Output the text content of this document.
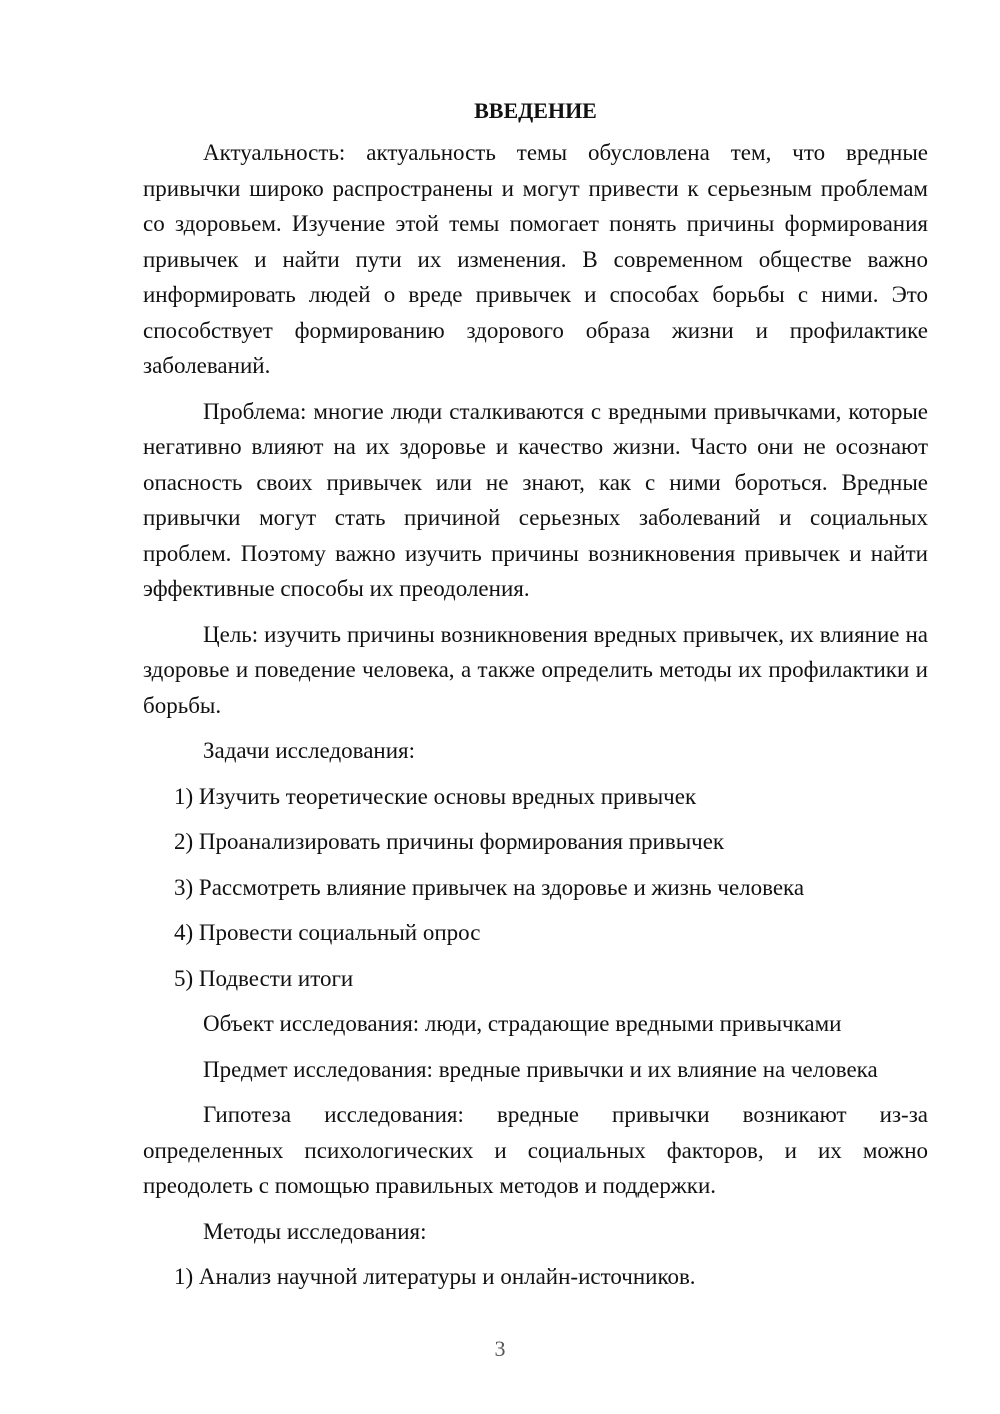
ВВЕДЕНИЕ

Актуальность: актуальность темы обусловлена тем, что вредные привычки широко распространены и могут привести к серьезным проблемам со здоровьем. Изучение этой темы помогает понять причины формирования привычек и найти пути их изменения. В современном обществе важно информировать людей о вреде привычек и способах борьбы с ними. Это способствует формированию здорового образа жизни и профилактике заболеваний.

Проблема: многие люди сталкиваются с вредными привычками, которые негативно влияют на их здоровье и качество жизни. Часто они не осознают опасность своих привычек или не знают, как с ними бороться. Вредные привычки могут стать причиной серьезных заболеваний и социальных проблем. Поэтому важно изучить причины возникновения привычек и найти эффективные способы их преодоления.

Цель: изучить причины возникновения вредных привычек, их влияние на здоровье и поведение человека, а также определить методы их профилактики и борьбы.

Задачи исследования:

1) Изучить теоретические основы вредных привычек

2) Проанализировать причины формирования привычек

3) Рассмотреть влияние привычек на здоровье и жизнь человека

4) Провести социальный опрос

5) Подвести итоги

Объект исследования: люди, страдающие вредными привычками

Предмет исследования: вредные привычки и их влияние на человека

Гипотеза исследования: вредные привычки возникают из-за определенных психологических и социальных факторов, и их можно преодолеть с помощью правильных методов и поддержки.

Методы исследования:

1) Анализ научной литературы и онлайн-источников.

3
